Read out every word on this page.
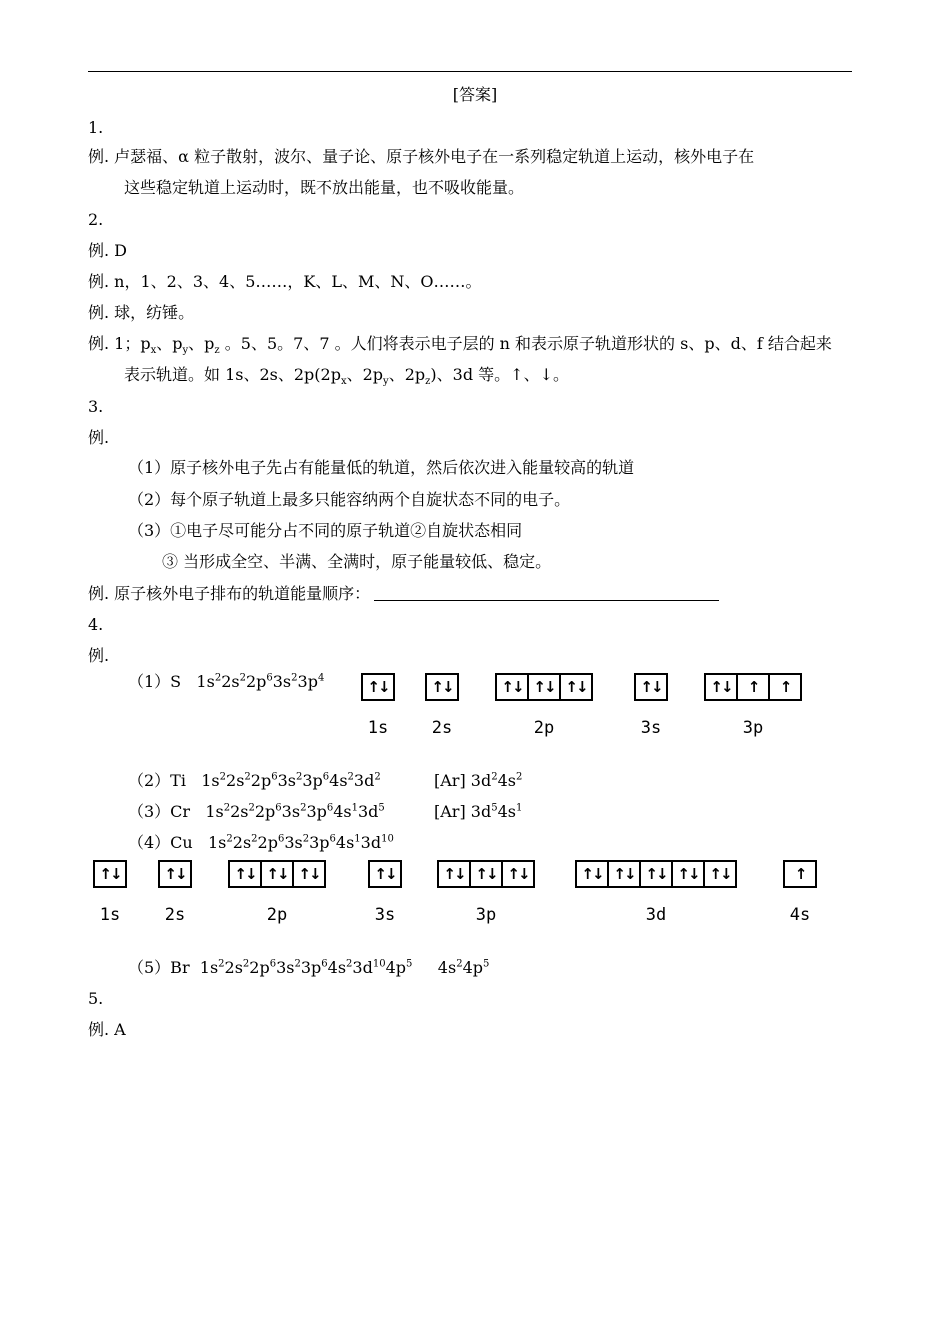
[答案]
1.
例. 卢瑟福、α 粒子散射，波尔、量子论、原子核外电子在一系列稳定轨道上运动，核外电子在
这些稳定轨道上运动时，既不放出能量，也不吸收能量。
2.
例. D
例. n，1、2、3、4、5……，K、L、M、N、O……。
例. 球，纺锤。
例. 1；$p_x$、$p_y$、$p_z$ 。5、5。7、7 。人们将表示电子层的 n 和表示原子轨道形状的 s、p、d、f 结合起来
表示轨道。如 1s、2s、$2p(2p_x$、$2p_y$、$2p_z$)、3d 等。↑、↓。
3.
例.
（1）原子核外电子先占有能量低的轨道，然后依次进入能量较高的轨道
（2）每个原子轨道上最多只能容纳两个自旋状态不同的电子。
（3）①电子尽可能分占不同的原子轨道②自旋状态相同
③ 当形成全空、半满、全满时，原子能量较低、稳定。
例. 原子核外电子排布的轨道能量顺序：
4.
例.
（1）S   $1s^22s^22p^63s^23p^4$	↑↓
1s
↑↓
2s
↑↓ ↑↓ ↑↓
2p
↑↓
3s
↑↓	↑	↑
3p
（2）Ti   $1s^22s^22p^63s^23p^64s^23d^2$	[Ar] $3d^24s^2$
（3）Cr   $1s^22s^22p^63s^23p^64s^13d^5$	[Ar] $3d^54s^1$
（4）Cu   $1s^22s^22p^63s^23p^64s^13d^{10}$
↑↓
1s
↑↓
2s
↑↓ ↑↓ ↑↓
2p
↑↓
3s
↑↓ ↑↓ ↑↓
3p
↑↓ ↑↓ ↑↓ ↑↓ ↑↓
3d
↑
4s
（5）Br  $1s^22s^22p^63s^23p^64s^23d^{10}4p^5$     $4s^24p^5$
5.
例. A
